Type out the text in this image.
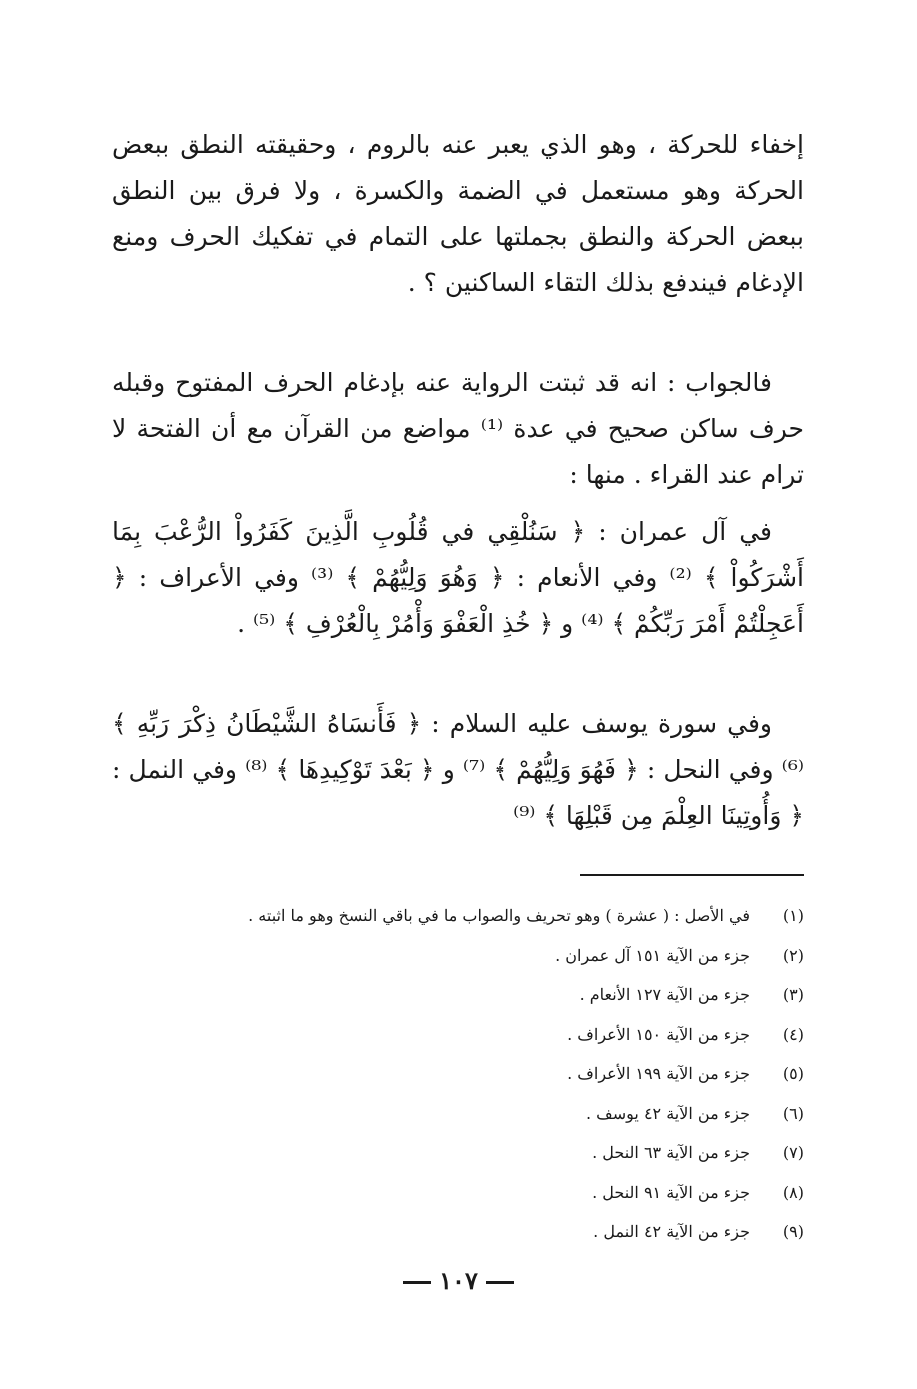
إخفاء للحركة ، وهو الذي يعبر عنه بالروم ، وحقيقته النطق ببعض الحركة وهو مستعمل في الضمة والكسرة ، ولا فرق بين النطق ببعض الحركة والنطق بجملتها على التمام في تفكيك الحرف ومنع الإدغام فيندفع بذلك التقاء الساكنين ؟ .

فالجواب : انه قد ثبتت الرواية عنه بإدغام الحرف المفتوح وقبله حرف ساكن صحيح في عدة ⁽¹⁾ مواضع من القرآن مع أن الفتحة لا ترام عند القراء . منها :

في آل عمران : ﴿ سَنُلْقِي في قُلُوبِ الَّذِينَ كَفَرُواْ الرُّعْبَ بِمَا أَشْرَكُواْ ﴾ ⁽²⁾ وفي الأنعام : ﴿ وَهُوَ وَلِيُّهُمْ ﴾ ⁽³⁾ وفي الأعراف : ﴿ أَعَجِلْتُمْ أَمْرَ رَبِّكُمْ ﴾ ⁽⁴⁾ و ﴿ خُذِ الْعَفْوَ وَأْمُرْ بِالْعُرْفِ ﴾ ⁽⁵⁾ .

وفي سورة يوسف عليه السلام : ﴿ فَأَنسَاهُ الشَّيْطَانُ ذِكْرَ رَبِّهِ ﴾ ⁽⁶⁾ وفي النحل : ﴿ فَهُوَ وَلِيُّهُمْ ﴾ ⁽⁷⁾ و ﴿ بَعْدَ تَوْكِيدِهَا ﴾ ⁽⁸⁾ وفي النمل : ﴿ وَأُوتِينَا العِلْمَ مِن قَبْلِهَا ﴾ ⁽⁹⁾

(١)
في الأصل : ( عشرة ) وهو تحريف والصواب ما في باقي النسخ وهو ما اثبته .
(٢)
جزء من الآية ١٥١ آل عمران .
(٣)
جزء من الآية ١٢٧ الأنعام .
(٤)
جزء من الآية ١٥٠ الأعراف .
(٥)
جزء من الآية ١٩٩ الأعراف .
(٦)
جزء من الآية ٤٢ يوسف .
(٧)
جزء من الآية ٦٣ النحل .
(٨)
جزء من الآية ٩١ النحل .
(٩)
جزء من الآية ٤٢ النمل .
١٠٧
